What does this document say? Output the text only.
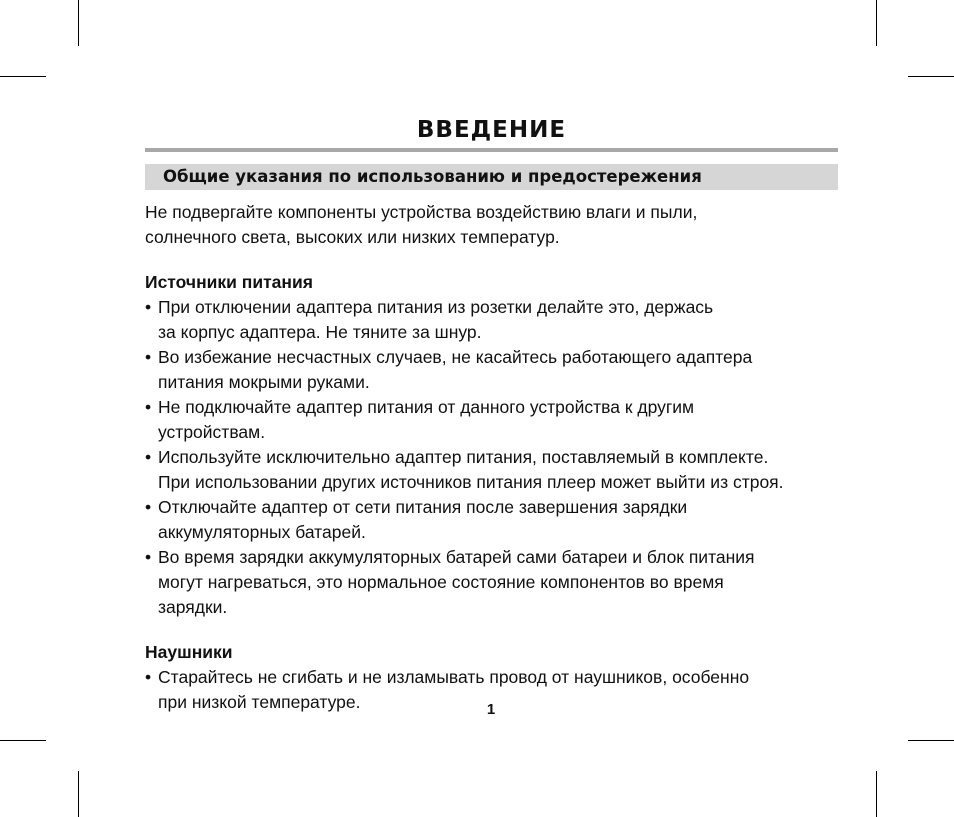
ВВЕДЕНИЕ
Общие указания по использованию и предостережения

Не подвергайте компоненты устройства воздействию влаги и пыли,
солнечного света, высоких или низких температур.

Источники питания

• При отключении адаптера питания из розетки делайте это, держась
за корпус адаптера. Не тяните за шнур.
• Во избежание несчастных случаев, не касайтесь работающего адаптера
питания мокрыми руками.
• Не подключайте адаптер питания от данного устройства к другим
устройствам.
• Используйте исключительно адаптер питания, поставляемый в комплекте.
При использовании других источников питания плеер может выйти из строя.
• Отключайте адаптер от сети питания после завершения зарядки
аккумуляторных батарей.
• Во время зарядки аккумуляторных батарей сами батареи и блок питания
могут нагреваться, это нормальное состояние компонентов во время
зарядки.

Наушники

• Старайтесь не сгибать и не изламывать провод от наушников, особенно
при низкой температуре.	1
